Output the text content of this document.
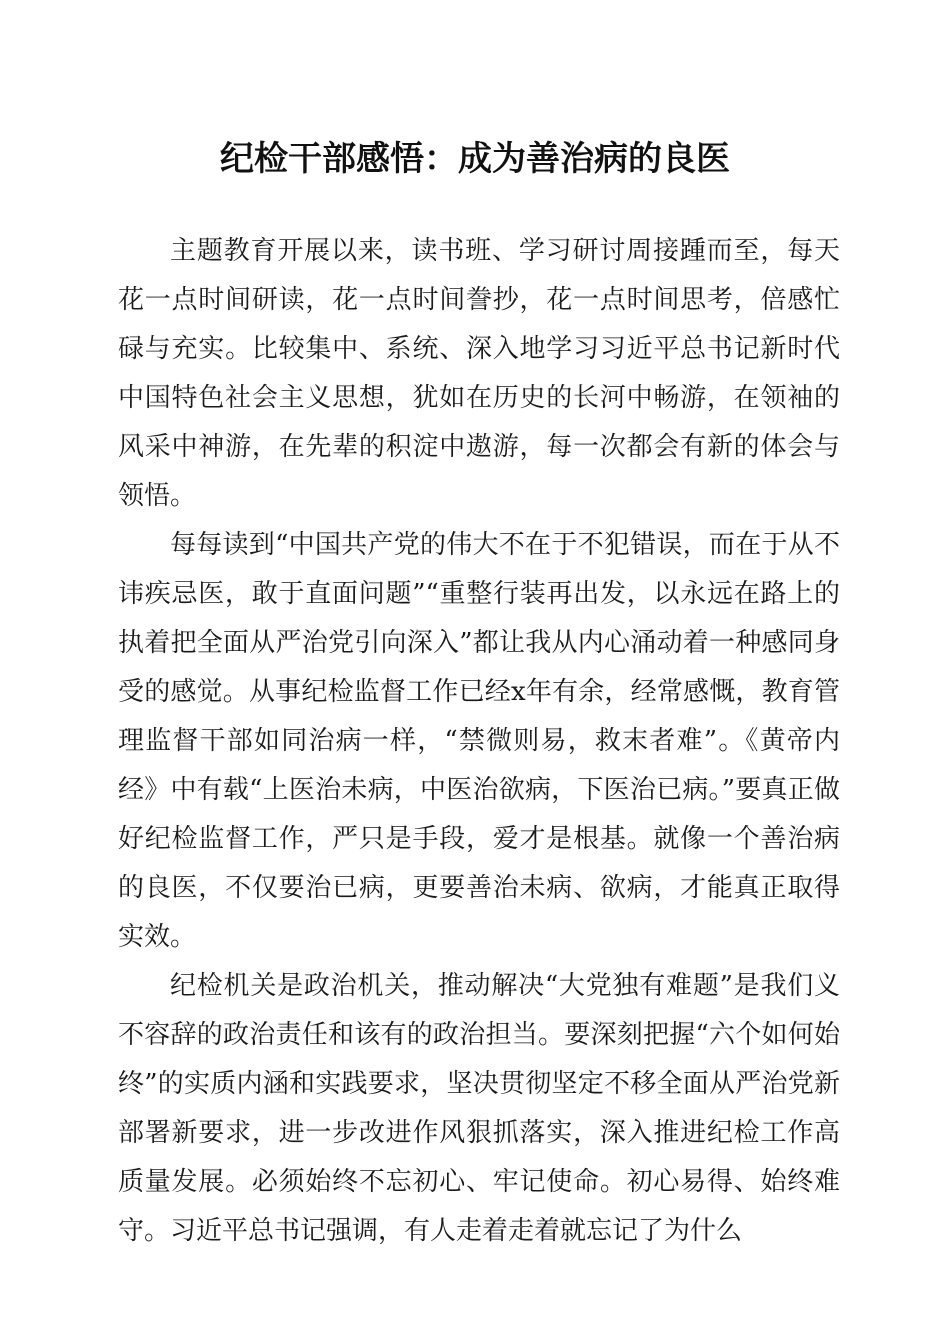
纪检干部感悟：成为善治病的良医

主题教育开展以来，读书班、学习研讨周接踵而至，每天花一点时间研读，花一点时间誊抄，花一点时间思考，倍感忙碌与充实。比较集中、系统、深入地学习习近平总书记新时代中国特色社会主义思想，犹如在历史的长河中畅游，在领袖的风采中神游，在先辈的积淀中遨游，每一次都会有新的体会与领悟。

每每读到“中国共产党的伟大不在于不犯错误，而在于从不讳疾忌医，敢于直面问题”“重整行装再出发，以永远在路上的执着把全面从严治党引向深入”都让我从内心涌动着一种感同身受的感觉。从事纪检监督工作已经x年有余，经常感慨，教育管理监督干部如同治病一样，“禁微则易，救末者难”。《黄帝内经》中有载“上医治未病，中医治欲病，下医治已病。”要真正做好纪检监督工作，严只是手段，爱才是根基。就像一个善治病的良医，不仅要治已病，更要善治未病、欲病，才能真正取得实效。

纪检机关是政治机关，推动解决“大党独有难题”是我们义不容辞的政治责任和该有的政治担当。要深刻把握“六个如何始终”的实质内涵和实践要求，坚决贯彻坚定不移全面从严治党新部署新要求，进一步改进作风狠抓落实，深入推进纪检工作高质量发展。必须始终不忘初心、牢记使命。初心易得、始终难守。习近平总书记强调，有人走着走着就忘记了为什么
